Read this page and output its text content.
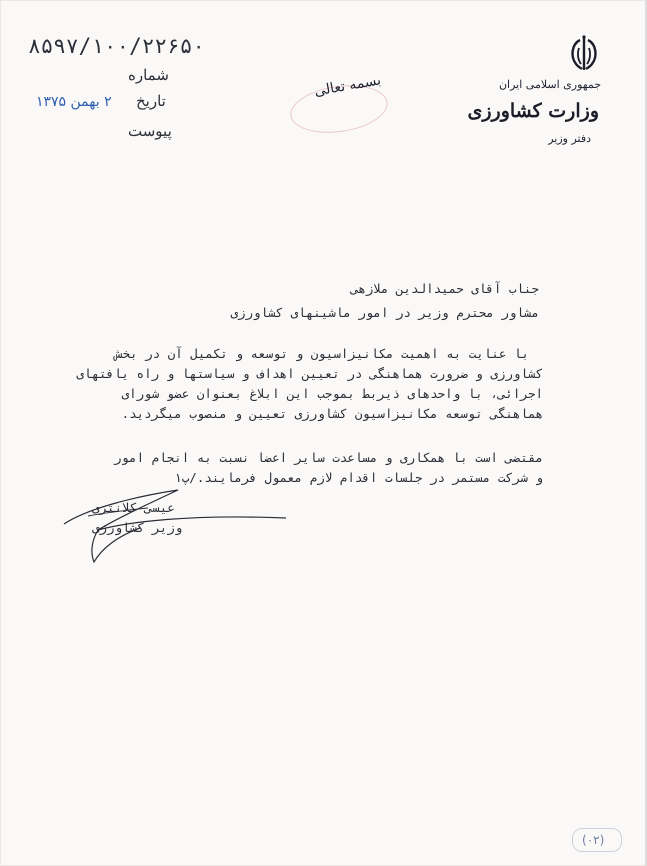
۸۵۹۷/۱۰۰/۲۲۶۵۰
شماره
تاریخ
۲ بهمن ۱۳۷۵
پیوست
بسمه تعالی	جمهوری اسلامی ایران
وزارت کشاورزی
دفتر وزیر
جناب آقای حمیدالدین ملازهی
مشاور محترم وزیر در امور ماشینهای کشاورزی
با عنایت به اهمیت مکانیزاسیون و توسعه و تکمیل آن در بخش
کشاورزی و ضرورت هماهنگی در تعیین اهداف و سیاستها و راه یافتهای
اجرائی، با واحدهای ذیربط بموجب این ابلاغ بعنوان عضو شورای
هماهنگی توسعه مکانیزاسیون کشاورزی تعیین و منصوب میگردید.
مقتضی است با همکاری و مساعدت سایر اعضا نسبت به انجام امور
و شرکت مستمر در جلسات اقدام لازم معمول فرمایند./پ۱
عیسی کلانتری
وزیر کشاورزی
(۰۲)
